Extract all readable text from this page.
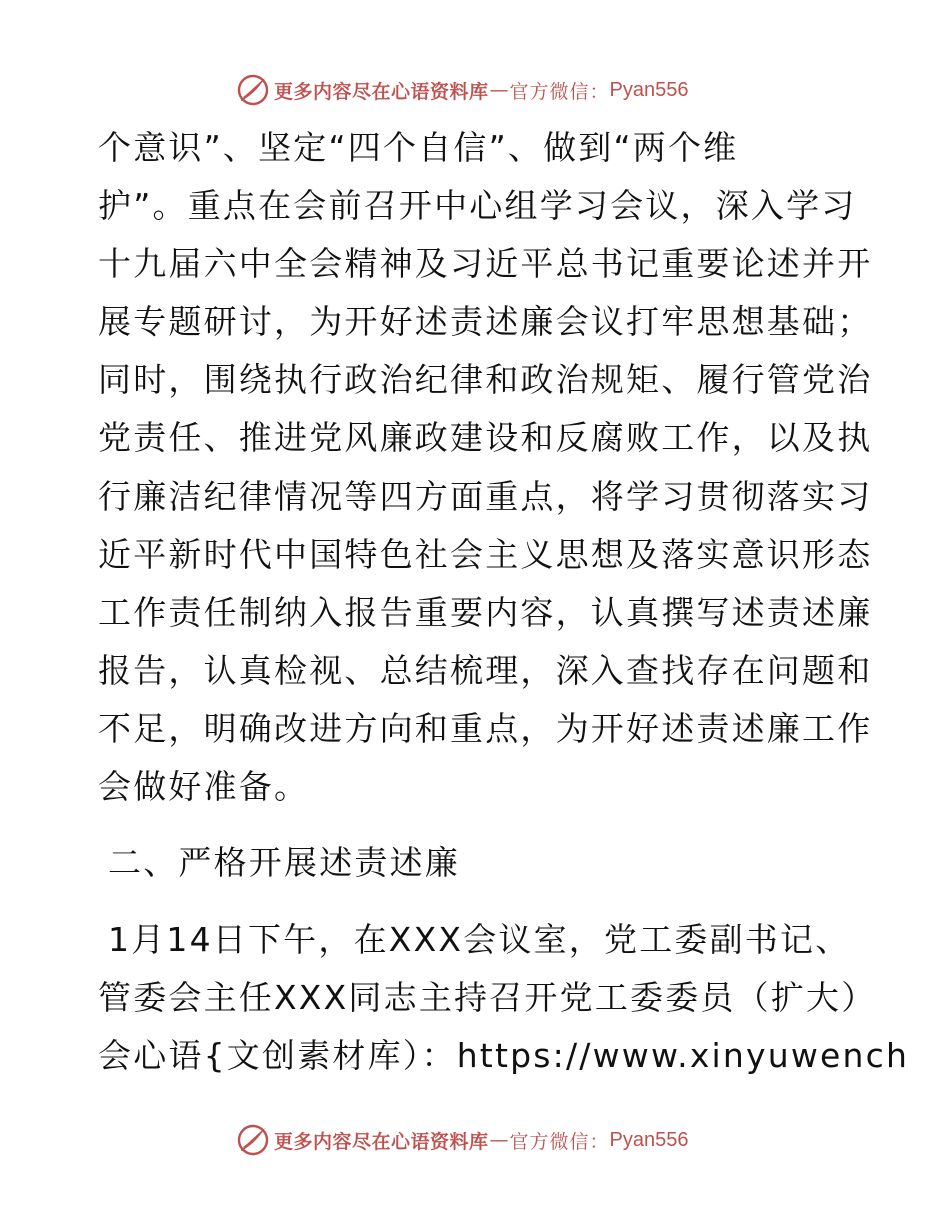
更多内容尽在心语资料库 — 官方微信： Pyan556
个意识”、坚定“四个自信”、做到“两个维
护”。重点在会前召开中心组学习会议，深入学习
十九届六中全会精神及习近平总书记重要论述并开
展专题研讨，为开好述责述廉会议打牢思想基础；
同时，围绕执行政治纪律和政治规矩、履行管党治
党责任、推进党风廉政建设和反腐败工作，以及执
行廉洁纪律情况等四方面重点，将学习贯彻落实习
近平新时代中国特色社会主义思想及落实意识形态
工作责任制纳入报告重要内容，认真撰写述责述廉
报告，认真检视、总结梳理，深入查找存在问题和
不足，明确改进方向和重点，为开好述责述廉工作
会做好准备。
二、严格开展述责述廉
1月14日下午，在XXX会议室，党工委副书记、
管委会主任XXX同志主持召开党工委委员（扩大）
会心语{文创素材库）：https://www.xinyuwench
更多内容尽在心语资料库 — 官方微信： Pyan556
